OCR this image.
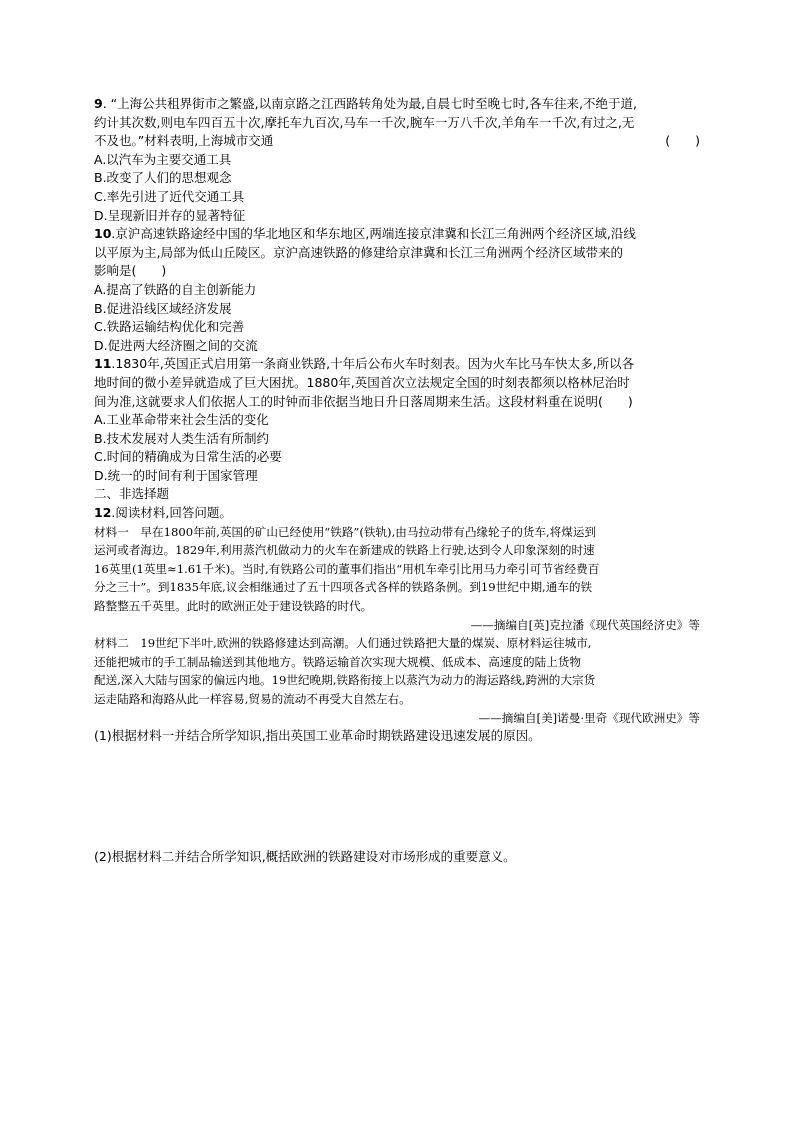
9. “上海公共租界街市之繁盛,以南京路之江西路转角处为最,自晨七时至晚七时,各车往来,不绝于道,
约计其次数,则电车四百五十次,摩托车九百次,马车一千次,腕车一万八千次,羊角车一千次,有过之,无
不及也。”材料表明,上海城市交通	(　　)
A.以汽车为主要交通工具
B.改变了人们的思想观念
C.率先引进了近代交通工具
D.呈现新旧并存的显著特征
10.京沪高速铁路途经中国的华北地区和华东地区,两端连接京津冀和长江三角洲两个经济区域,沿线
以平原为主,局部为低山丘陵区。京沪高速铁路的修建给京津冀和长江三角洲两个经济区域带来的
影响是(　　)
A.提高了铁路的自主创新能力
B.促进沿线区域经济发展
C.铁路运输结构优化和完善
D.促进两大经济圈之间的交流
11.1830年,英国正式启用第一条商业铁路,十年后公布火车时刻表。因为火车比马车快太多,所以各
地时间的微小差异就造成了巨大困扰。1880年,英国首次立法规定全国的时刻表都须以格林尼治时
间为准,这就要求人们依据人工的时钟而非依据当地日升日落周期来生活。这段材料重在说明(　　)
A.工业革命带来社会生活的变化
B.技术发展对人类生活有所制约
C.时间的精确成为日常生活的必要
D.统一的时间有利于国家管理
二、非选择题
12.阅读材料,回答问题。
材料一　早在1800年前,英国的矿山已经使用“铁路”(铁轨),由马拉动带有凸缘轮子的货车,将煤运到
运河或者海边。1829年,利用蒸汽机做动力的火车在新建成的铁路上行驶,达到令人印象深刻的时速
16英里(1英里≈1.61千米)。当时,有铁路公司的董事们指出“用机车牵引比用马力牵引可节省经费百
分之三十”。到1835年底,议会相继通过了五十四项各式各样的铁路条例。到19世纪中期,通车的铁
路整整五千英里。此时的欧洲正处于建设铁路的时代。
——摘编自[英]克拉潘《现代英国经济史》等
材料二　19世纪下半叶,欧洲的铁路修建达到高潮。人们通过铁路把大量的煤炭、原材料运往城市,
还能把城市的手工制品输送到其他地方。铁路运输首次实现大规模、低成本、高速度的陆上货物
配送,深入大陆与国家的偏远内地。19世纪晚期,铁路衔接上以蒸汽为动力的海运路线,跨洲的大宗货
运走陆路和海路从此一样容易,贸易的流动不再受大自然左右。
——摘编自[美]诺曼·里奇《现代欧洲史》等
(1)根据材料一并结合所学知识,指出英国工业革命时期铁路建设迅速发展的原因。
(2)根据材料二并结合所学知识,概括欧洲的铁路建设对市场形成的重要意义。
